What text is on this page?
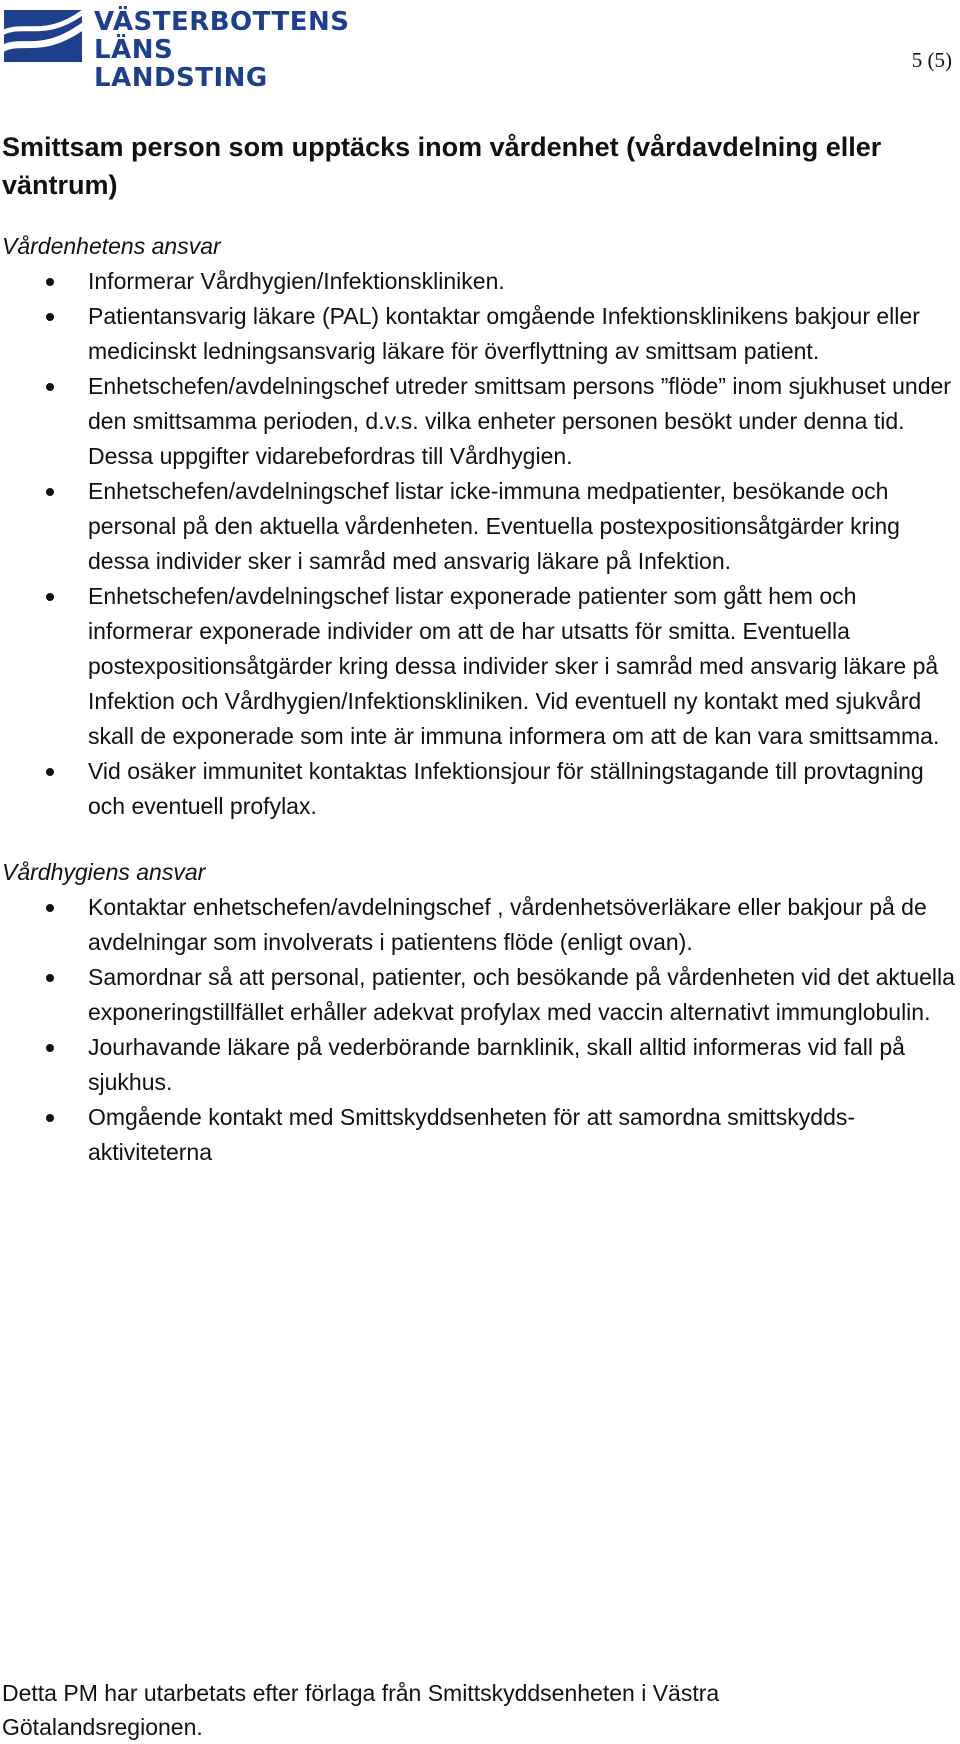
VÄSTERBOTTENS
LÄNS LANDSTING
5 (5)
Smittsam person som upptäcks inom vårdenhet (vårdavdelning eller väntrum)
Vårdenhetens ansvar
Informerar Vårdhygien/Infektionskliniken.
Patientansvarig läkare (PAL) kontaktar omgående Infektionsklinikens bakjour eller medicinskt ledningsansvarig läkare för överflyttning av smittsam patient.
Enhetschefen/avdelningschef utreder smittsam persons ”flöde” inom sjukhuset under den smittsamma perioden, d.v.s. vilka enheter personen besökt under denna tid. Dessa uppgifter vidarebefordras till Vårdhygien.
Enhetschefen/avdelningschef listar icke-immuna medpatienter, besökande och personal på den aktuella vårdenheten. Eventuella postexpositionsåtgärder kring dessa individer sker i samråd med ansvarig läkare på Infektion.
Enhetschefen/avdelningschef listar exponerade patienter som gått hem och informerar exponerade individer om att de har utsatts för smitta. Eventuella postexpositionsåtgärder kring dessa individer sker i samråd med ansvarig läkare på Infektion och Vårdhygien/Infektionskliniken. Vid eventuell ny kontakt med sjukvård skall de exponerade som inte är immuna informera om att de kan vara smittsamma.
Vid osäker immunitet kontaktas Infektionsjour för ställningstagande till provtagning och eventuell profylax.
Vårdhygiens ansvar
Kontaktar enhetschefen/avdelningschef , vårdenhetsöverläkare eller bakjour på de avdelningar som involverats i patientens flöde (enligt ovan).
Samordnar så att personal, patienter, och besökande på vårdenheten vid det aktuella exponeringstillfället erhåller adekvat profylax med vaccin alternativt immunglobulin.
Jourhavande läkare på vederbörande barnklinik, skall alltid informeras vid fall på sjukhus.
Omgående kontakt med Smittskyddsenheten för att samordna smittskydds-aktiviteterna
Detta PM har utarbetats efter förlaga från Smittskyddsenheten i Västra Götalandsregionen.
